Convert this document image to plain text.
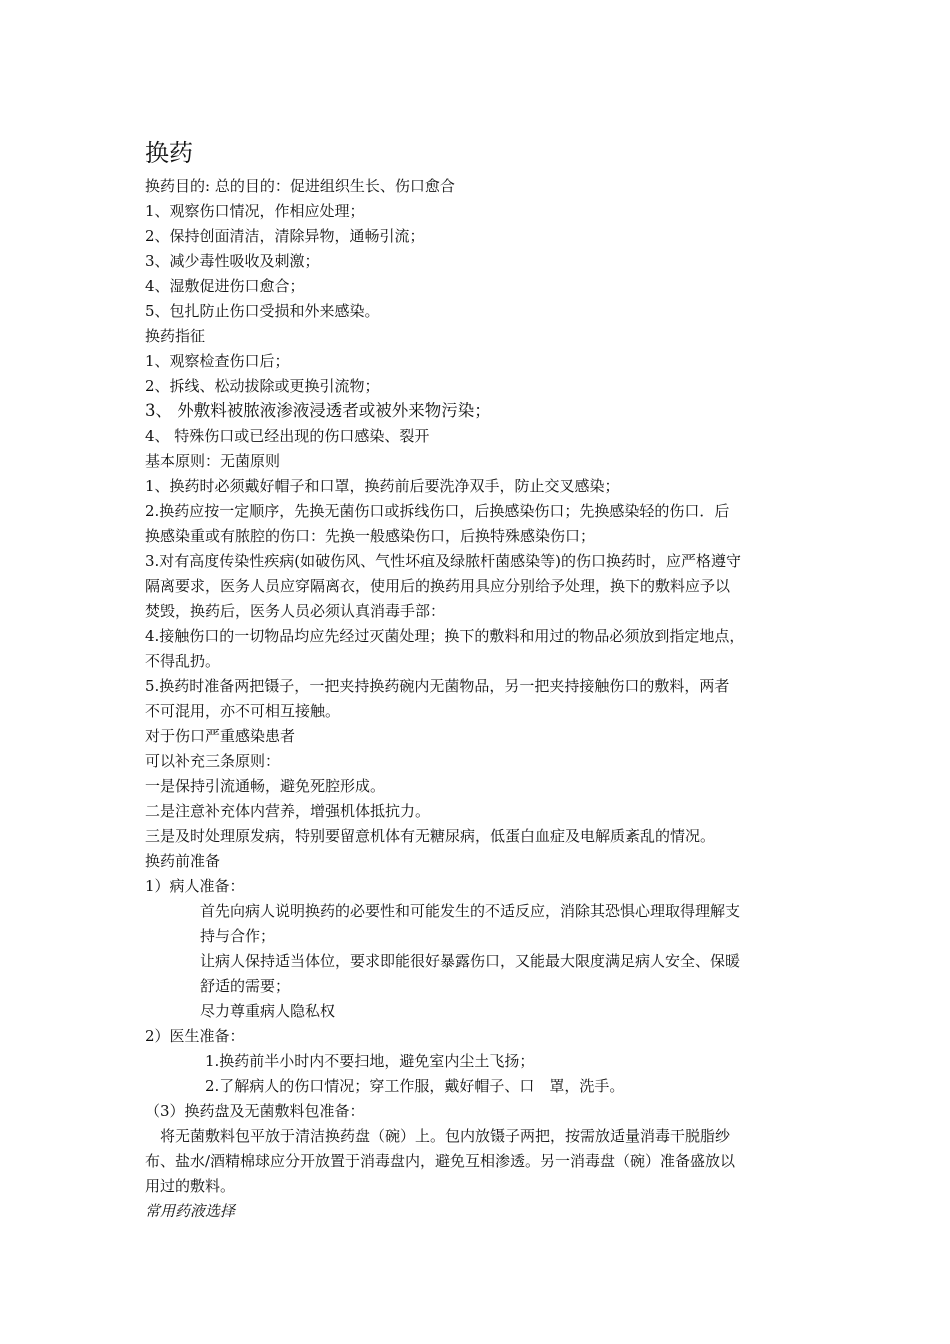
换药
换药目的: 总的目的：促进组织生长、伤口愈合
1、观察伤口情况，作相应处理；
2、保持创面清洁，清除异物，通畅引流；
3、减少毒性吸收及刺激；
4、湿敷促进伤口愈合；
5、包扎防止伤口受损和外来感染。
换药指征
1、观察检查伤口后；
2、拆线、松动拔除或更换引流物；
3、 外敷料被脓液渗液浸透者或被外来物污染；
4、 特殊伤口或已经出现的伤口感染、裂开
基本原则：无菌原则
1、换药时必须戴好帽子和口罩，换药前后要洗净双手，防止交叉感染；
2.换药应按一定顺序，先换无菌伤口或拆线伤口，后换感染伤口；先换感染轻的伤口．后
换感染重或有脓腔的伤口：先换一般感染伤口，后换特殊感染伤口；
3.对有高度传染性疾病(如破伤风、气性坏疽及绿脓杆菌感染等)的伤口换药时，应严格遵守
隔离要求，医务人员应穿隔离衣，使用后的换药用具应分别给予处理，换下的敷料应予以
焚毁，换药后，医务人员必须认真消毒手部：
4.接触伤口的一切物品均应先经过灭菌处理；换下的敷料和用过的物品必须放到指定地点，
不得乱扔。
5.换药时准备两把镊子，一把夹持换药碗内无菌物品，另一把夹持接触伤口的敷料，两者
不可混用，亦不可相互接触。
对于伤口严重感染患者
可以补充三条原则：
一是保持引流通畅，避免死腔形成。
二是注意补充体内营养，增强机体抵抗力。
三是及时处理原发病，特别要留意机体有无糖尿病，低蛋白血症及电解质紊乱的情况。
换药前准备
1）病人准备：
首先向病人说明换药的必要性和可能发生的不适反应，消除其恐惧心理取得理解支
持与合作；
让病人保持适当体位，要求即能很好暴露伤口，又能最大限度满足病人安全、保暖
舒适的需要；
尽力尊重病人隐私权
2）医生准备：
1.换药前半小时内不要扫地，避免室内尘土飞扬；
2.了解病人的伤口情况；穿工作服，戴好帽子、口　罩，洗手。
（3）换药盘及无菌敷料包准备：
　将无菌敷料包平放于清洁换药盘（碗）上。包内放镊子两把，按需放适量消毒干脱脂纱
布、盐水/酒精棉球应分开放置于消毒盘内，避免互相渗透。另一消毒盘（碗）准备盛放以
用过的敷料。
常用药液选择
